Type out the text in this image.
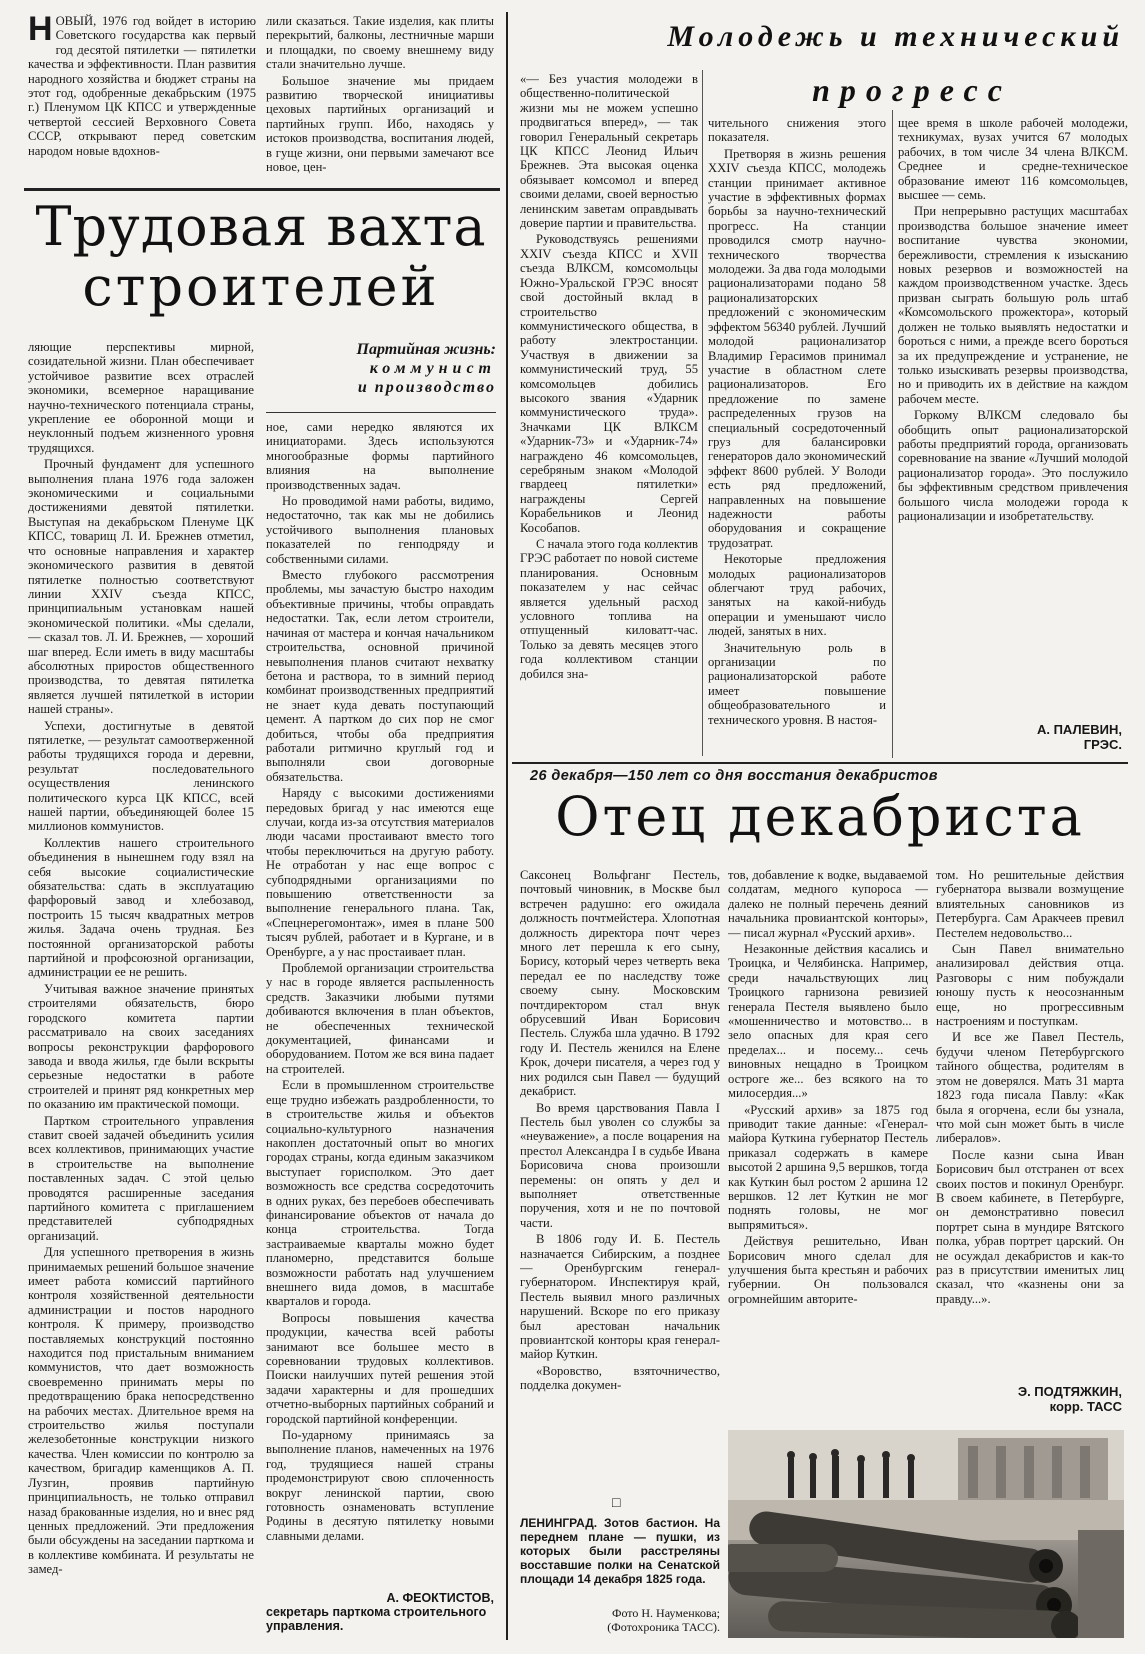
НОВЫЙ, 1976 год войдет в историю Советского государства как первый год десятой пятилетки — пятилетки качества и эффективности. План развития народного хозяйства и бюджет страны на этот год, одобренные декабрьским (1975 г.) Пленумом ЦК КПСС и утвержденные четвертой сессией Верховного Совета СССР, открывают перед советским народом новые вдохнов-

лили сказаться. Такие изделия, как плиты перекрытий, балконы, лестничные марши и площадки, по своему внешнему виду стали значительно лучше.

Большое значение мы придаем развитию творческой инициативы цеховых партийных организаций и партийных групп. Ибо, находясь у истоков производства, воспитания людей, в гуще жизни, они первыми замечают все новое, цен-

Трудовая вахта
строителей
Партийная жизнь:
коммунист
и производство

ляющие перспективы мирной, созидательной жизни. План обеспечивает устойчивое развитие всех отраслей экономики, всемерное наращивание научно-технического потенциала страны, укрепление ее оборонной мощи и неуклонный подъем жизненного уровня трудящихся.

Прочный фундамент для успешного выполнения плана 1976 года заложен экономическими и социальными достижениями девятой пятилетки. Выступая на декабрьском Пленуме ЦК КПСС, товарищ Л. И. Брежнев отметил, что основные направления и характер экономического развития в девятой пятилетке полностью соответствуют линии XXIV съезда КПСС, принципиальным установкам нашей экономической политики. «Мы сделали, — сказал тов. Л. И. Брежнев, — хороший шаг вперед. Если иметь в виду масштабы абсолютных приростов общественного производства, то девятая пятилетка является лучшей пятилеткой в истории нашей страны».

Успехи, достигнутые в девятой пятилетке, — результат самоотверженной работы трудящихся города и деревни, результат последовательного осуществления ленинского политического курса ЦК КПСС, всей нашей партии, объединяющей более 15 миллионов коммунистов.

Коллектив нашего строительного объединения в нынешнем году взял на себя высокие социалистические обязательства: сдать в эксплуатацию фарфоровый завод и хлебозавод, построить 15 тысяч квадратных метров жилья. Задача очень трудная. Без постоянной организаторской работы партийной и профсоюзной организации, администрации ее не решить.

Учитывая важное значение принятых строителями обязательств, бюро городского комитета партии рассматривало на своих заседаниях вопросы реконструкции фарфорового завода и ввода жилья, где были вскрыты серьезные недостатки в работе строителей и принят ряд конкретных мер по оказанию им практической помощи.

Партком строительного управления ставит своей задачей объединить усилия всех коллективов, принимающих участие в строительстве на выполнение поставленных задач. С этой целью проводятся расширенные заседания партийного комитета с приглашением представителей субподрядных организаций.

Для успешного претворения в жизнь принимаемых решений большое значение имеет работа комиссий партийного контроля хозяйственной деятельности администрации и постов народного контроля. К примеру, производство поставляемых конструкций постоянно находится под пристальным вниманием коммунистов, что дает возможность своевременно принимать меры по предотвращению брака непосредственно на рабочих местах. Длительное время на строительство жилья поступали железобетонные конструкции низкого качества. Член комиссии по контролю за качеством, бригадир каменщиков А. П. Лузгин, проявив партийную принципиальность, не только отправил назад бракованные изделия, но и внес ряд ценных предложений. Эти предложения были обсуждены на заседании парткома и в коллективе комбината. И результаты не замед-

ное, сами нередко являются их инициаторами. Здесь используются многообразные формы партийного влияния на выполнение производственных задач.

Но проводимой нами работы, видимо, недостаточно, так как мы не добились устойчивого выполнения плановых показателей по генподряду и собственными силами.

Вместо глубокого рассмотрения проблемы, мы зачастую быстро находим объективные причины, чтобы оправдать недостатки. Так, если летом строители, начиная от мастера и кончая начальником строительства, основной причиной невыполнения планов считают нехватку бетона и раствора, то в зимний период комбинат производственных предприятий не знает куда девать поступающий цемент. А партком до сих пор не смог добиться, чтобы оба предприятия работали ритмично круглый год и выполняли свои договорные обязательства.

Наряду с высокими достижениями передовых бригад у нас имеются еще случаи, когда из-за отсутствия материалов люди часами простаивают вместо того чтобы переключиться на другую работу. Не отработан у нас еще вопрос с субподрядными организациями по повышению ответственности за выполнение генерального плана. Так, «Спецнерегомонтаж», имея в плане 500 тысяч рублей, работает и в Кургане, и в Оренбурге, а у нас простаивает план.

Проблемой организации строительства у нас в городе является распыленность средств. Заказчики любыми путями добиваются включения в план объектов, не обеспеченных технической документацией, финансами и оборудованием. Потом же вся вина падает на строителей.

Если в промышленном строительстве еще трудно избежать раздробленности, то в строительстве жилья и объектов социально-культурного назначения накоплен достаточный опыт во многих городах страны, когда единым заказчиком выступает горисполком. Это дает возможность все средства сосредоточить в одних руках, без перебоев обеспечивать финансирование объектов от начала до конца строительства. Тогда застраиваемые кварталы можно будет планомерно, представится больше возможности работать над улучшением внешнего вида домов, в масштабе кварталов и города.

Вопросы повышения качества продукции, качества всей работы занимают все большее место в соревновании трудовых коллективов. Поиски наилучших путей решения этой задачи характерны и для прошедших отчетно-выборных партийных собраний и городской партийной конференции.

По-ударному принимаясь за выполнение планов, намеченных на 1976 год, трудящиеся нашей страны продемонстрируют свою сплоченность вокруг ленинской партии, свою готовность ознаменовать вступление Родины в десятую пятилетку новыми славными делами.

А. ФЕОКТИСТОВ,
секретарь парткома строительного управления.
Молодежь и технический
прогресс

«— Без участия молодежи в общественно-политической жизни мы не можем успешно продвигаться вперед», — так говорил Генеральный секретарь ЦК КПСС Леонид Ильич Брежнев. Эта высокая оценка обязывает комсомол и вперед своими делами, своей верностью ленинским заветам оправдывать доверие партии и правительства.

Руководствуясь решениями XXIV съезда КПСС и XVII съезда ВЛКСМ, комсомольцы Южно-Уральской ГРЭС вносят свой достойный вклад в строительство коммунистического общества, в работу электростанции. Участвуя в движении за коммунистический труд, 55 комсомольцев добились высокого звания «Ударник коммунистического труда». Значками ЦК ВЛКСМ «Ударник-73» и «Ударник-74» награждено 46 комсомольцев, серебряным знаком «Молодой гвардеец пятилетки» награждены Сергей Корабельников и Леонид Кособапов.

С начала этого года коллектив ГРЭС работает по новой системе планирования. Основным показателем у нас сейчас является удельный расход условного топлива на отпущенный киловатт-час. Только за девять месяцев этого года коллективом станции добился зна-

чительного снижения этого показателя.

Претворяя в жизнь решения XXIV съезда КПСС, молодежь станции принимает активное участие в эффективных формах борьбы за научно-технический прогресс. На станции проводился смотр научно-технического творчества молодежи. За два года молодыми рационализаторами подано 58 рационализаторских предложений с экономическим эффектом 56340 рублей. Лучший молодой рационализатор Владимир Герасимов принимал участие в областном слете рационализаторов. Его предложение по замене распределенных грузов на специальный сосредоточенный груз для балансировки генераторов дало экономический эффект 8600 рублей. У Володи есть ряд предложений, направленных на повышение надежности работы оборудования и сокращение трудозатрат.

Некоторые предложения молодых рационализаторов облегчают труд рабочих, занятых на какой-нибудь операции и уменьшают число людей, занятых в них.

Значительную роль в организации по рационализаторской работе имеет повышение общеобразовательного и технического уровня. В настоя-

щее время в школе рабочей молодежи, техникумах, вузах учится 67 молодых рабочих, в том числе 34 члена ВЛКСМ. Среднее и средне-техническое образование имеют 116 комсомольцев, высшее — семь.

При непрерывно растущих масштабах производства большое значение имеет воспитание чувства экономии, бережливости, стремления к изысканию новых резервов и возможностей на каждом производственном участке. Здесь призван сыграть большую роль штаб «Комсомольского прожектора», который должен не только выявлять недостатки и бороться с ними, а прежде всего бороться за их предупреждение и устранение, не только изыскивать резервы производства, но и приводить их в действие на каждом рабочем месте.

Горкому ВЛКСМ следовало бы обобщить опыт рационализаторской работы предприятий города, организовать соревнование на звание «Лучший молодой рационализатор города». Это послужило бы эффективным средством привлечения большого числа молодежи города к рационализации и изобретательству.

А. ПАЛЕВИН,
ГРЭС.
26 декабря—150 лет со дня восстания декабристов
Отец декабриста

Саксонец Вольфганг Пестель, почтовый чиновник, в Москве был встречен радушно: его ожидала должность почтмейстера. Хлопотная должность директора почт через много лет перешла к его сыну, Борису, который через четверть века передал ее по наследству тоже своему сыну. Московским почтдиректором стал внук обрусевший Иван Борисович Пестель. Служба шла удачно. В 1792 году И. Пестель женился на Елене Крок, дочери писателя, а через год у них родился сын Павел — будущий декабрист.

Во время царствования Павла I Пестель был уволен со службы за «неуважение», а после воцарения на престол Александра I в судьбе Ивана Борисовича снова произошли перемены: он опять у дел и выполняет ответственные поручения, хотя и не по почтовой части.

В 1806 году И. Б. Пестель назначается Сибирским, а позднее — Оренбургским генерал-губернатором. Инспектируя край, Пестель выявил много различных нарушений. Вскоре по его приказу был арестован начальник провиантской конторы края генерал-майор Куткин.

«Воровство, взяточничество, подделка докумен-

□

тов, добавление к водке, выдаваемой солдатам, медного купороса — далеко не полный перечень деяний начальника провиантской конторы», — писал журнал «Русский архив».

Незаконные действия касались и Троицка, и Челябинска. Например, среди начальствующих лиц Троицкого гарнизона ревизией генерала Пестеля выявлено было «мошенничество и мотовство... в зело опасных для края сего пределах... и посему... сечь виновных нещадно в Троицком остроге же... без всякого на то милосердия...»

«Русский архив» за 1875 год приводит такие данные: «Генерал-майора Куткина губернатор Пестель приказал содержать в камере высотой 2 аршина 9,5 вершков, тогда как Куткин был ростом 2 аршина 12 вершков. 12 лет Куткин не мог поднять головы, не мог выпрямиться».

Действуя решительно, Иван Борисович много сделал для улучшения быта крестьян и рабочих губернии. Он пользовался огромнейшим авторите-

том. Но решительные действия губернатора вызвали возмущение влиятельных сановников из Петербурга. Сам Аракчеев превил Пестелем недовольство...

Сын Павел внимательно анализировал действия отца. Разговоры с ним побуждали юношу пусть к неосознанным еще, но прогрессивным настроениям и поступкам.

И все же Павел Пестель, будучи членом Петербургского тайного общества, родителям в этом не доверялся. Мать 31 марта 1823 года писала Павлу: «Как была я огорчена, если бы узнала, что мой сын может быть в числе либералов».

После казни сына Иван Борисович был отстранен от всех своих постов и покинул Оренбург. В своем кабинете, в Петербурге, он демонстративно повесил портрет сына в мундире Вятского полка, убрав портрет царский. Он не осуждал декабристов и как-то раз в присутствии именитых лиц сказал, что «казнены они за правду...».

Э. ПОДТЯЖКИН,
корр. ТАСС
ЛЕНИНГРАД. Зотов бастион. На переднем плане — пушки, из которых были расстреляны восставшие полки на Сенатской площади 14 декабря 1825 года.
Фото Н. Науменкова;
(Фотохроника ТАСС).
